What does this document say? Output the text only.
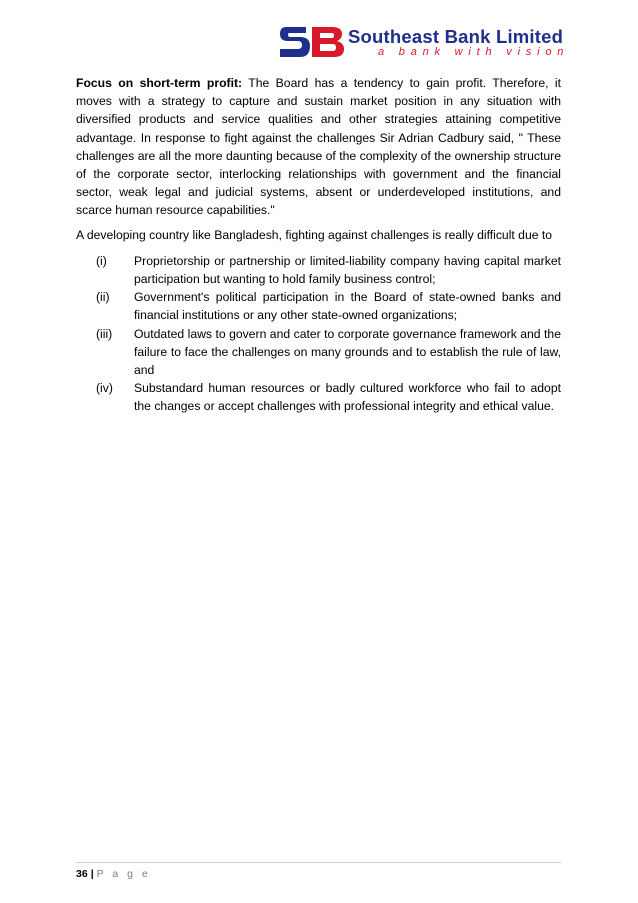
Southeast Bank Limited
a bank with vision

Focus on short-term profit: The Board has a tendency to gain profit. Therefore, it moves with a strategy to capture and sustain market position in any situation with diversified products and service qualities and other strategies attaining competitive advantage. In response to fight against the challenges Sir Adrian Cadbury said, " These challenges are all the more daunting because of the complexity of the ownership structure of the corporate sector, interlocking relationships with government and the financial sector, weak legal and judicial systems, absent or underdeveloped institutions, and scarce human resource capabilities."

A developing country like Bangladesh, fighting against challenges is really difficult due to

(i) Proprietorship or partnership or limited-liability company having capital market participation but wanting to hold family business control;
(ii) Government's political participation in the Board of state-owned banks and financial institutions or any other state-owned organizations;
(iii) Outdated laws to govern and cater to corporate governance framework and the failure to face the challenges on many grounds and to establish the rule of law, and
(iv) Substandard human resources or badly cultured workforce who fail to adopt the changes or accept challenges with professional integrity and ethical value.
36 | P a g e
